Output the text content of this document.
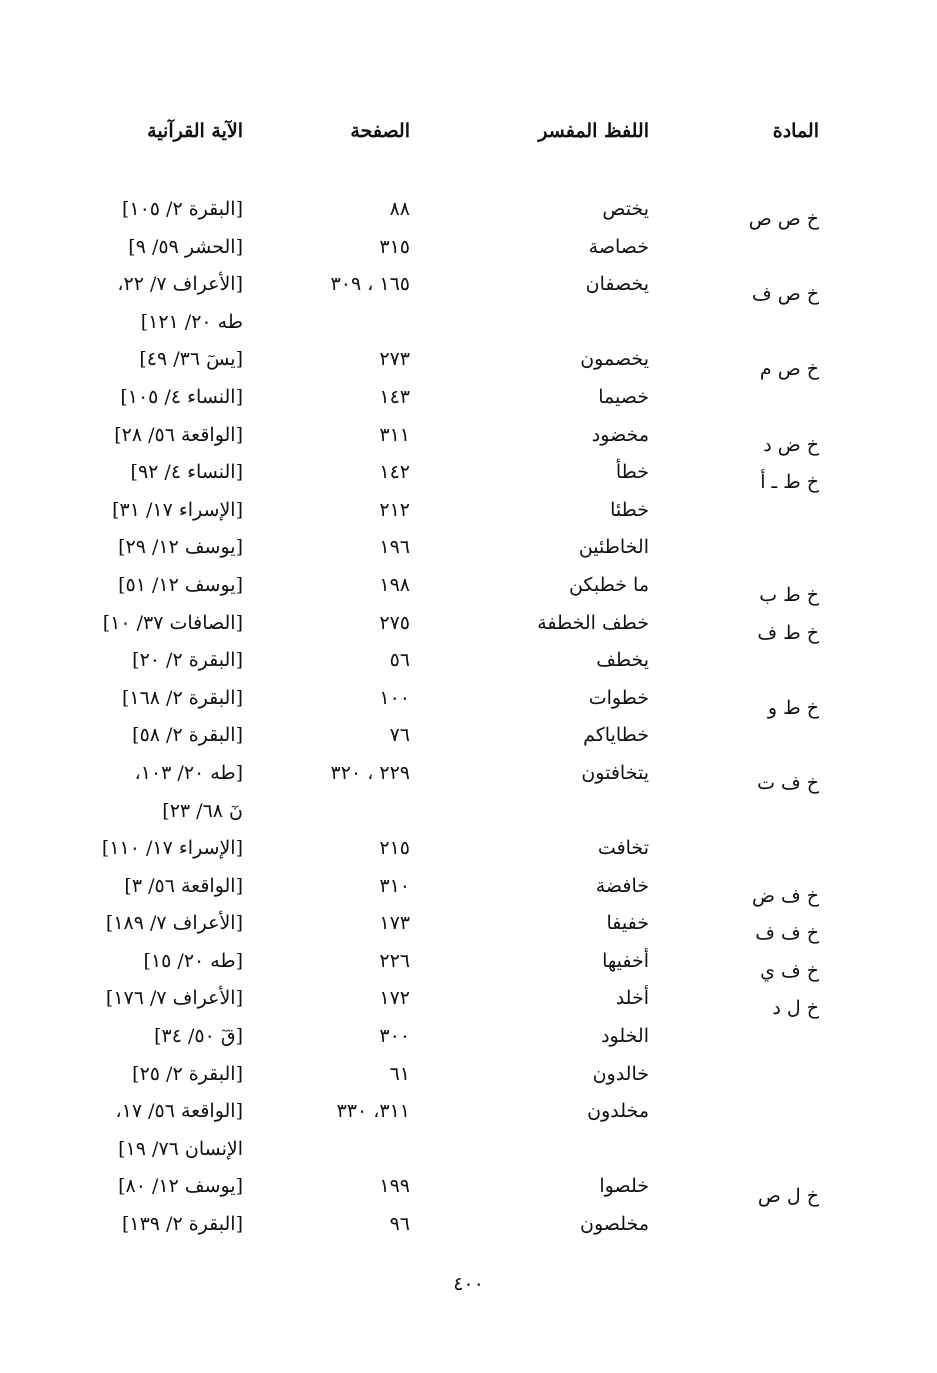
المادة
اللفظ المفسر
الصفحة
الآية القرآنية
خ ص ص
يختص
٨٨
[البقرة ٢/ ١٠٥]
خصاصة
٣١٥
[الحشر ٥٩/ ٩]
خ ص ف
يخصفان
١٦٥ ، ٣٠٩
[الأعراف ٧/ ٢٢،
طه ٢٠/ ١٢١]
خ ص م
يخصمون
٢٧٣
[يسٓ ٣٦/ ٤٩]
خصيما
١٤٣
[النساء ٤/ ١٠٥]
خ ض د
مخضود
٣١١
[الواقعة ٥٦/ ٢٨]
خ ط ـ أ
خطأ
١٤٢
[النساء ٤/ ٩٢]
خطئا
٢١٢
[الإسراء ١٧/ ٣١]
الخاطئين
١٩٦
[يوسف ١٢/ ٢٩]
خ ط ب
ما خطبكن
١٩٨
[يوسف ١٢/ ٥١]
خ ط ف
خطف الخطفة
٢٧٥
[الصافات ٣٧/ ١٠]
يخطف
٥٦
[البقرة ٢/ ٢٠]
خ ط و
خطوات
١٠٠
[البقرة ٢/ ١٦٨]
خطاياكم
٧٦
[البقرة ٢/ ٥٨]
خ ف ت
يتخافتون
٢٢٩ ، ٣٢٠
[طه ٢٠/ ١٠٣،
نٓ ٦٨/ ٢٣]
تخافت
٢١٥
[الإسراء ١٧/ ١١٠]
خ ف ض
خافضة
٣١٠
[الواقعة ٥٦/ ٣]
خ ف ف
خفيفا
١٧٣
[الأعراف ٧/ ١٨٩]
خ ف ي
أخفيها
٢٢٦
[طه ٢٠/ ١٥]
خ ل د
أخلد
١٧٢
[الأعراف ٧/ ١٧٦]
الخلود
٣٠٠
[قٓ ٥٠/ ٣٤]
خالدون
٦١
[البقرة ٢/ ٢٥]
مخلدون
٣١١، ٣٣٠
[الواقعة ٥٦/ ١٧،
الإنسان ٧٦/ ١٩]
خ ل ص
خلصوا
١٩٩
[يوسف ١٢/ ٨٠]
مخلصون
٩٦
[البقرة ٢/ ١٣٩]
٤٠٠
